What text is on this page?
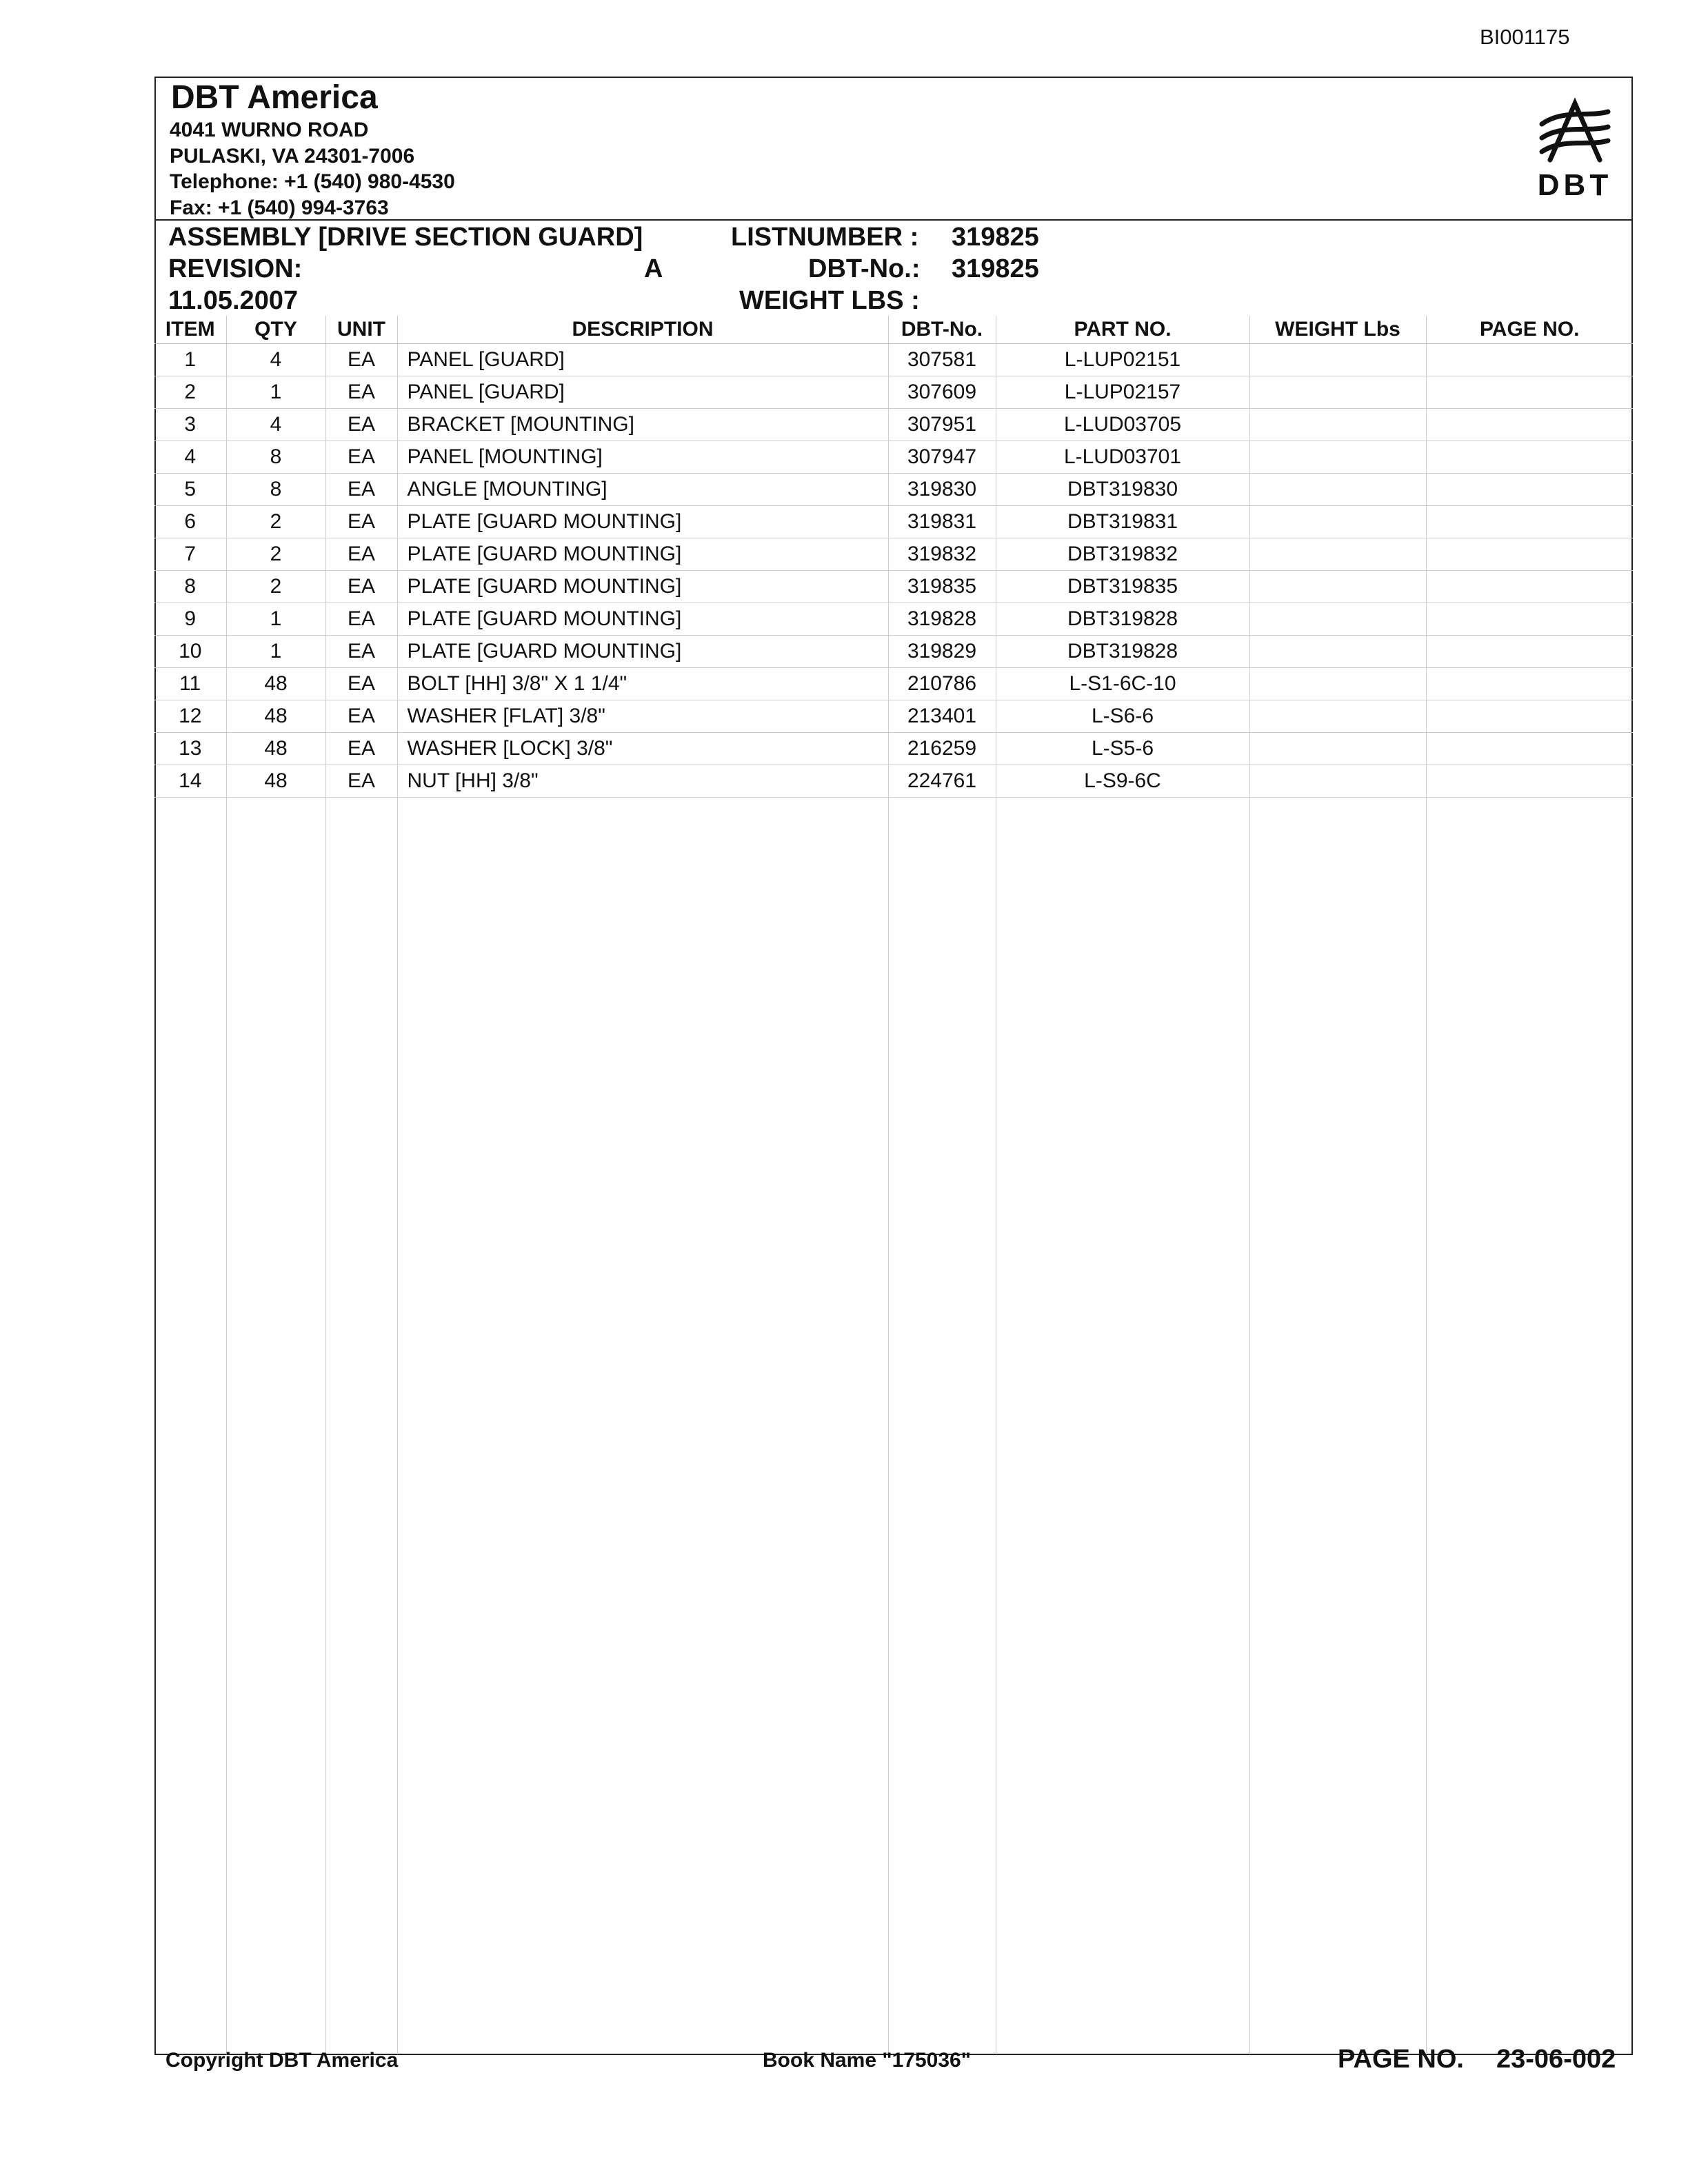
BI001175
DBT America
4041 WURNO ROAD
PULASKI, VA 24301-7006
Telephone: +1 (540) 980-4530
Fax: +1 (540) 994-3763
DBT
ASSEMBLY [DRIVE SECTION GUARD]	LISTNUMBER : 319825
REVISION:	A	DBT-No.: 319825
11.05.2007	WEIGHT LBS :
ITEM	QTY	UNIT	DESCRIPTION	DBT-No.	PART NO.	WEIGHT Lbs	PAGE NO.
1	4	EA	PANEL [GUARD]	307581	L-LUP02151		
2	1	EA	PANEL [GUARD]	307609	L-LUP02157		
3	4	EA	BRACKET [MOUNTING]	307951	L-LUD03705		
4	8	EA	PANEL [MOUNTING]	307947	L-LUD03701		
5	8	EA	ANGLE [MOUNTING]	319830	DBT319830		
6	2	EA	PLATE [GUARD MOUNTING]	319831	DBT319831		
7	2	EA	PLATE [GUARD MOUNTING]	319832	DBT319832		
8	2	EA	PLATE [GUARD MOUNTING]	319835	DBT319835		
9	1	EA	PLATE [GUARD MOUNTING]	319828	DBT319828		
10	1	EA	PLATE [GUARD MOUNTING]	319829	DBT319828		
11	48	EA	BOLT [HH] 3/8" X 1 1/4"	210786	L-S1-6C-10		
12	48	EA	WASHER [FLAT] 3/8"	213401	L-S6-6		
13	48	EA	WASHER [LOCK] 3/8"	216259	L-S5-6		
14	48	EA	NUT [HH] 3/8"	224761	L-S9-6C		
Copyright DBT America	Book Name "175036"	PAGE NO. 23-06-002
